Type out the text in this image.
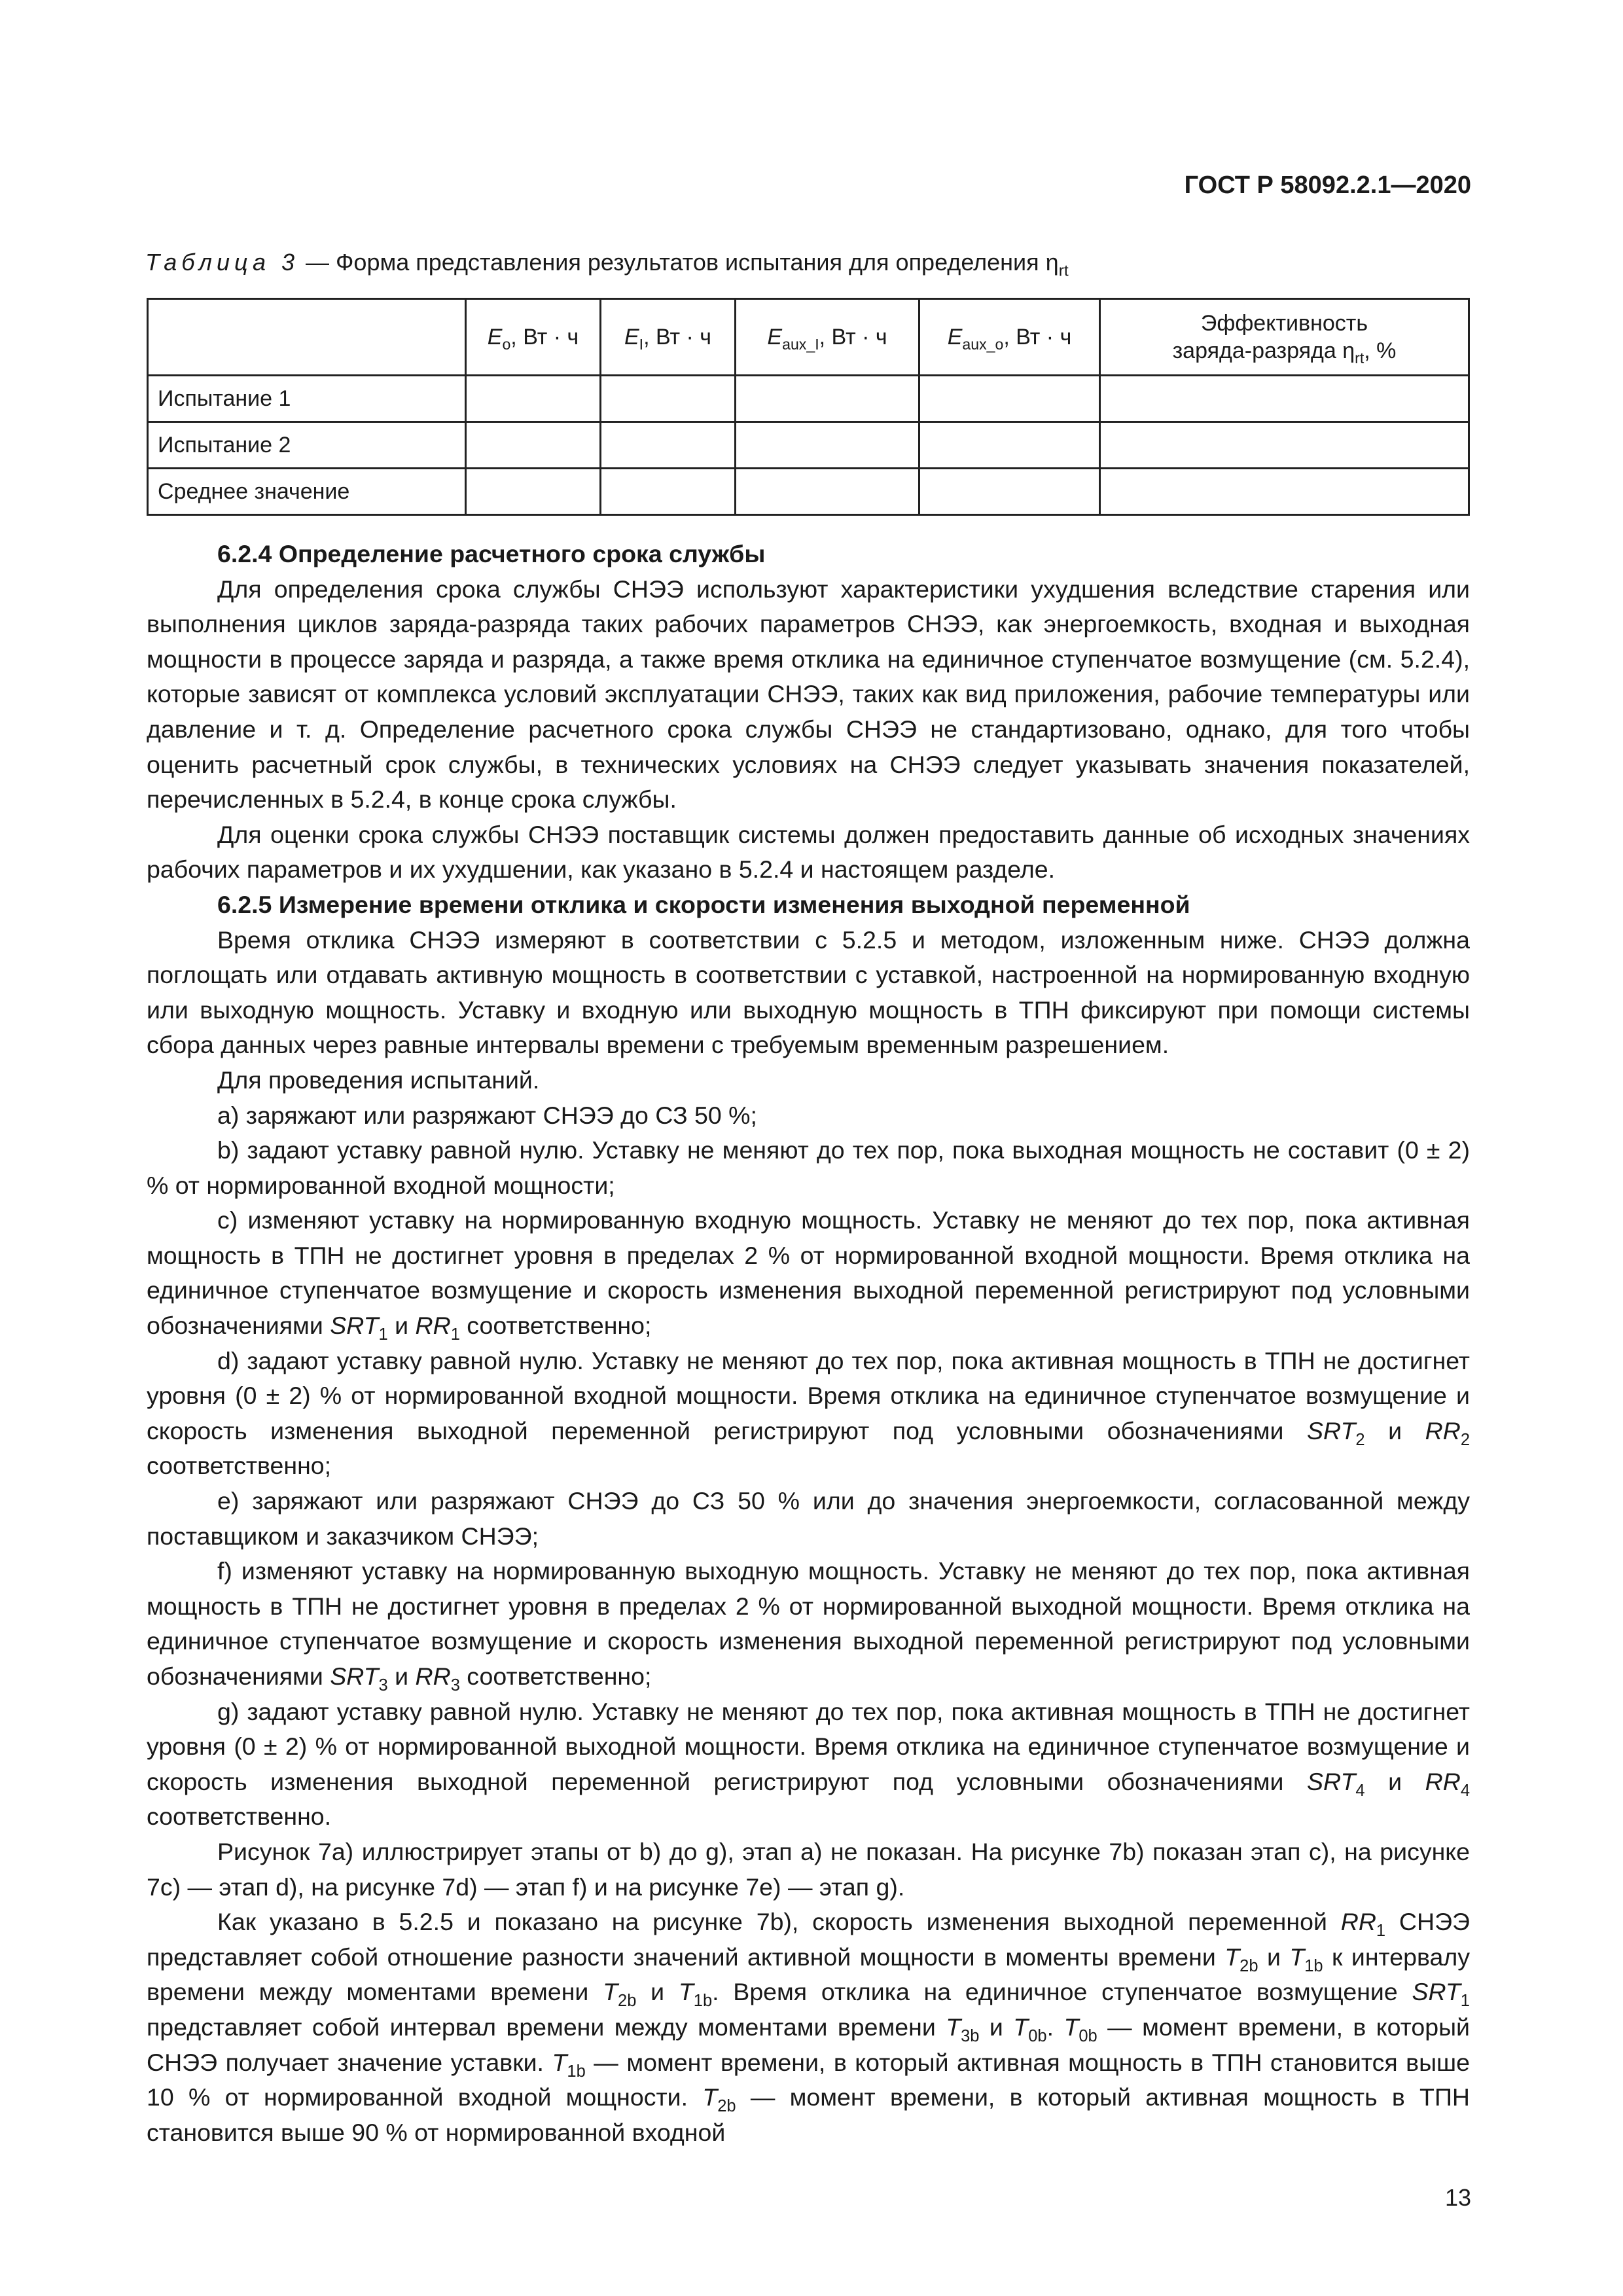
ГОСТ Р 58092.2.1—2020
Таблица 3 — Форма представления результатов испытания для определения $\eta_{rt}$
	$E_o$, Вт · ч	$E_I$, Вт · ч	$E_{aux\_I}$, Вт · ч	$E_{aux\_o}$, Вт · ч	Эффективность
заряда-разряда $\eta_{rt}$, %
Испытание 1					
Испытание 2					
Среднее значение					

6.2.4 Определение расчетного срока службы

Для определения срока службы СНЭЭ используют характеристики ухудшения вследствие старения или выполнения циклов заряда-разряда таких рабочих параметров СНЭЭ, как энергоемкость, входная и выходная мощности в процессе заряда и разряда, а также время отклика на единичное ступенчатое возмущение (см. 5.2.4), которые зависят от комплекса условий эксплуатации СНЭЭ, таких как вид приложения, рабочие температуры или давление и т. д. Определение расчетного срока службы СНЭЭ не стандартизовано, однако, для того чтобы оценить расчетный срок службы, в технических условиях на СНЭЭ следует указывать значения показателей, перечисленных в 5.2.4, в конце срока службы.

Для оценки срока службы СНЭЭ поставщик системы должен предоставить данные об исходных значениях рабочих параметров и их ухудшении, как указано в 5.2.4 и настоящем разделе.

6.2.5 Измерение времени отклика и скорости изменения выходной переменной

Время отклика СНЭЭ измеряют в соответствии с 5.2.5 и методом, изложенным ниже. СНЭЭ должна поглощать или отдавать активную мощность в соответствии с уставкой, настроенной на нормированную входную или выходную мощность. Уставку и входную или выходную мощность в ТПН фиксируют при помощи системы сбора данных через равные интервалы времени с требуемым временным разрешением.

Для проведения испытаний.

a) заряжают или разряжают СНЭЭ до СЗ 50 %;

b) задают уставку равной нулю. Уставку не меняют до тех пор, пока выходная мощность не составит (0 ± 2) % от нормированной входной мощности;

c) изменяют уставку на нормированную входную мощность. Уставку не меняют до тех пор, пока активная мощность в ТПН не достигнет уровня в пределах 2 % от нормированной входной мощности. Время отклика на единичное ступенчатое возмущение и скорость изменения выходной переменной регистрируют под условными обозначениями $SRT_1$ и $RR_1$ соответственно;

d) задают уставку равной нулю. Уставку не меняют до тех пор, пока активная мощность в ТПН не достигнет уровня (0 ± 2) % от нормированной входной мощности. Время отклика на единичное ступенчатое возмущение и скорость изменения выходной переменной регистрируют под условными обозначениями $SRT_2$ и $RR_2$ соответственно;

e) заряжают или разряжают СНЭЭ до СЗ 50 % или до значения энергоемкости, согласованной между поставщиком и заказчиком СНЭЭ;

f) изменяют уставку на нормированную выходную мощность. Уставку не меняют до тех пор, пока активная мощность в ТПН не достигнет уровня в пределах 2 % от нормированной выходной мощности. Время отклика на единичное ступенчатое возмущение и скорость изменения выходной переменной регистрируют под условными обозначениями $SRT_3$ и $RR_3$ соответственно;

g) задают уставку равной нулю. Уставку не меняют до тех пор, пока активная мощность в ТПН не достигнет уровня (0 ± 2) % от нормированной выходной мощности. Время отклика на единичное ступенчатое возмущение и скорость изменения выходной переменной регистрируют под условными обозначениями $SRT_4$ и $RR_4$ соответственно.

Рисунок 7a) иллюстрирует этапы от b) до g), этап a) не показан. На рисунке 7b) показан этап c), на рисунке 7c) — этап d), на рисунке 7d) — этап f) и на рисунке 7e) — этап g).

Как указано в 5.2.5 и показано на рисунке 7b), скорость изменения выходной переменной $RR_1$ СНЭЭ представляет собой отношение разности значений активной мощности в моменты времени $T_{2b}$ и $T_{1b}$ к интервалу времени между моментами времени $T_{2b}$ и $T_{1b}$. Время отклика на единичное ступенчатое возмущение $SRT_1$ представляет собой интервал времени между моментами времени $T_{3b}$ и $T_{0b}$. $T_{0b}$ — момент времени, в который СНЭЭ получает значение уставки. $T_{1b}$ — момент времени, в который активная мощность в ТПН становится выше 10 % от нормированной входной мощности. $T_{2b}$ — момент времени, в который активная мощность в ТПН становится выше 90 % от нормированной входной

13
